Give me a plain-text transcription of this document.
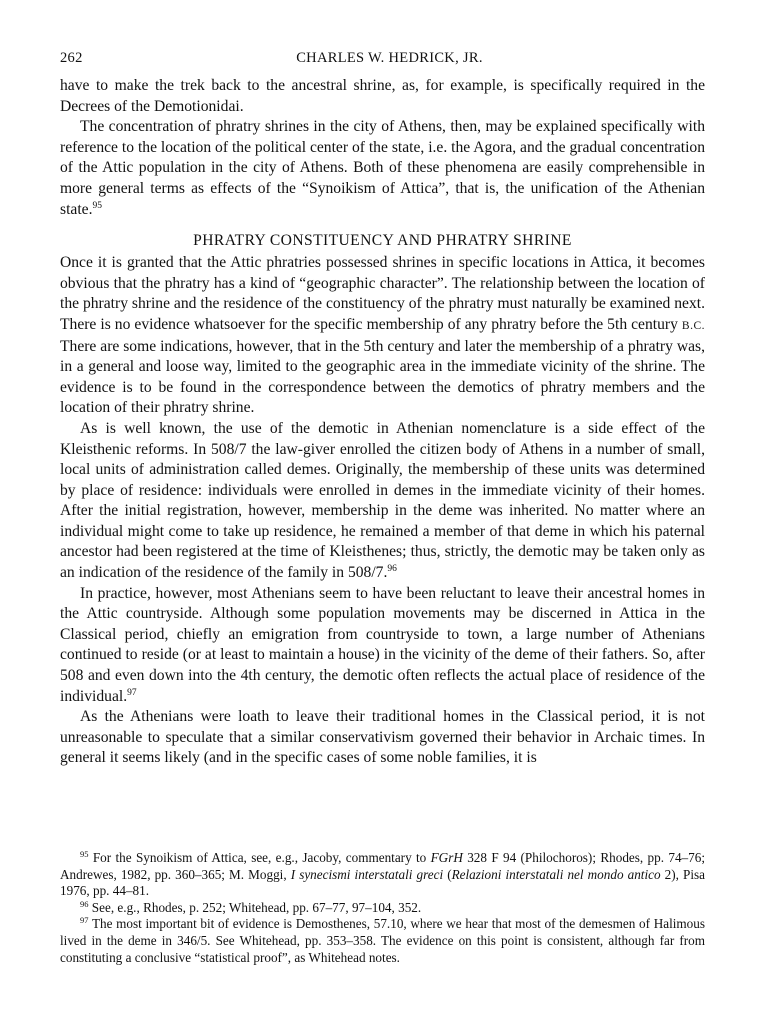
262	CHARLES W. HEDRICK, JR.

have to make the trek back to the ancestral shrine, as, for example, is specifically required in the Decrees of the Demotionidai.

The concentration of phratry shrines in the city of Athens, then, may be explained specifically with reference to the location of the political center of the state, i.e. the Agora, and the gradual concentration of the Attic population in the city of Athens. Both of these phenomena are easily comprehensible in more general terms as effects of the “Synoikism of Attica”, that is, the unification of the Athenian state.$^{95}$

PHRATRY CONSTITUENCY AND PHRATRY SHRINE

Once it is granted that the Attic phratries possessed shrines in specific locations in Attica, it becomes obvious that the phratry has a kind of “geographic character”. The relationship between the location of the phratry shrine and the residence of the constituency of the phratry must naturally be examined next. There is no evidence whatsoever for the specific membership of any phratry before the 5th century B.C. There are some indications, however, that in the 5th century and later the membership of a phratry was, in a general and loose way, limited to the geographic area in the immediate vicinity of the shrine. The evidence is to be found in the correspondence between the demotics of phratry members and the location of their phratry shrine.

As is well known, the use of the demotic in Athenian nomenclature is a side effect of the Kleisthenic reforms. In 508/7 the law-giver enrolled the citizen body of Athens in a number of small, local units of administration called demes. Originally, the membership of these units was determined by place of residence: individuals were enrolled in demes in the immediate vicinity of their homes. After the initial registration, however, membership in the deme was inherited. No matter where an individual might come to take up residence, he remained a member of that deme in which his paternal ancestor had been registered at the time of Kleisthenes; thus, strictly, the demotic may be taken only as an indication of the residence of the family in 508/7.96

In practice, however, most Athenians seem to have been reluctant to leave their ancestral homes in the Attic countryside. Although some population movements may be discerned in Attica in the Classical period, chiefly an emigration from countryside to town, a large number of Athenians continued to reside (or at least to maintain a house) in the vicinity of the deme of their fathers. So, after 508 and even down into the 4th century, the demotic often reflects the actual place of residence of the individual.$^{97}$

As the Athenians were loath to leave their traditional homes in the Classical period, it is not unreasonable to speculate that a similar conservativism governed their behavior in Archaic times. In general it seems likely (and in the specific cases of some noble families, it is

$^{95}$ For the Synoikism of Attica, see, e.g., Jacoby, commentary to FGrH 328 F 94 (Philochoros); Rhodes, pp. 74–76; Andrewes, 1982, pp. 360–365; M. Moggi, I synecismi interstatali greci (Relazioni interstatali nel mondo antico 2), Pisa 1976, pp. 44–81.

$^{96}$ See, e.g., Rhodes, p. 252; Whitehead, pp. 67–77, 97–104, 352.

$^{97}$ The most important bit of evidence is Demosthenes, 57.10, where we hear that most of the demesmen of Halimous lived in the deme in 346/5. See Whitehead, pp. 353–358. The evidence on this point is consistent, although far from constituting a conclusive “statistical proof”, as Whitehead notes.
